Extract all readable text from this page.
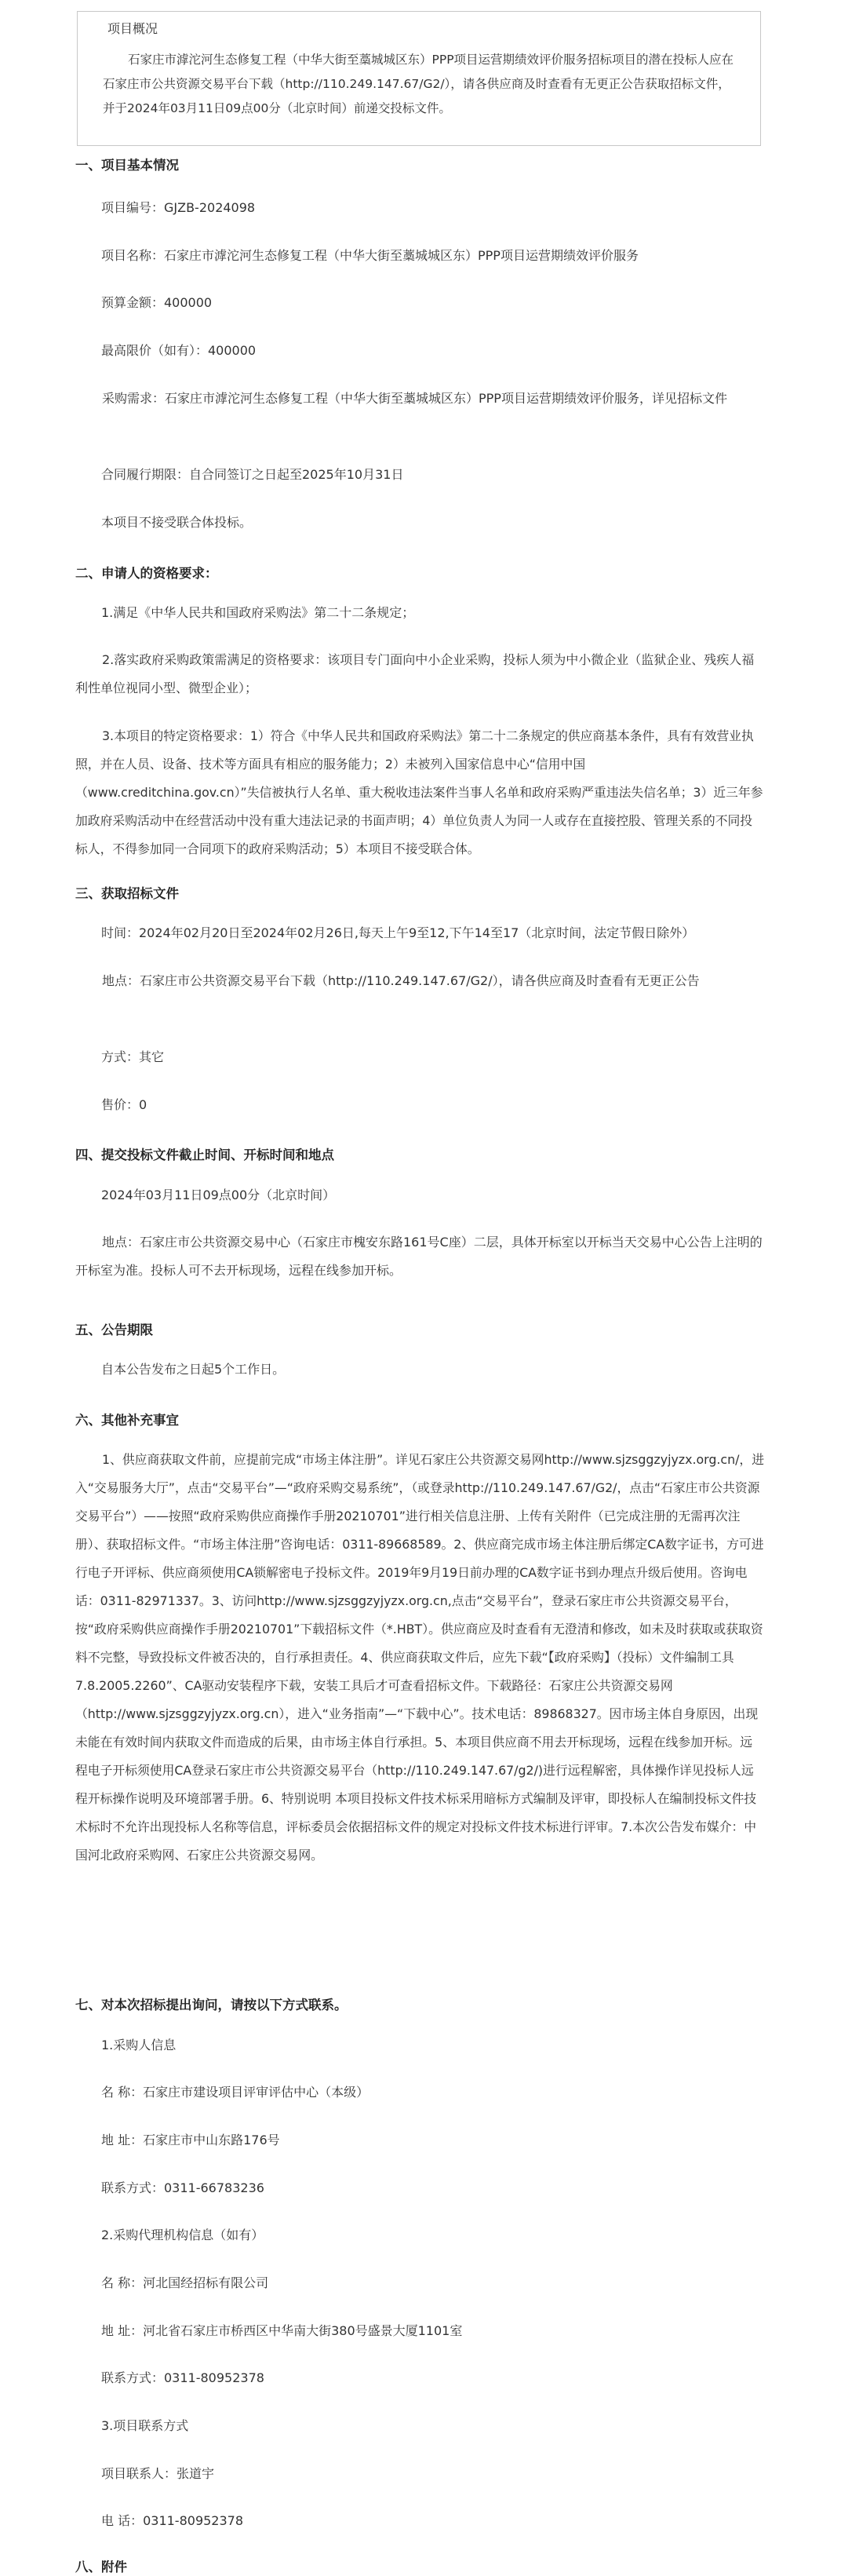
项目概况

石家庄市滹沱河生态修复工程（中华大街至藁城城区东）PPP项目运营期绩效评价服务招标项目的潜在投标人应在石家庄市公共资源交易平台下载（http://110.249.147.67/G2/），请各供应商及时查看有无更正公告获取招标文件，并于2024年03月11日09点00分（北京时间）前递交投标文件。

一、项目基本情况

项目编号：GJZB-2024098

项目名称：石家庄市滹沱河生态修复工程（中华大街至藁城城区东）PPP项目运营期绩效评价服务

预算金额：400000

最高限价（如有）：400000

采购需求：石家庄市滹沱河生态修复工程（中华大街至藁城城区东）PPP项目运营期绩效评价服务，详见招标文件

合同履行期限：自合同签订之日起至2025年10月31日

本项目不接受联合体投标。

二、申请人的资格要求：

1.满足《中华人民共和国政府采购法》第二十二条规定；

2.落实政府采购政策需满足的资格要求：该项目专门面向中小企业采购，投标人须为中小微企业（监狱企业、残疾人福利性单位视同小型、微型企业）；

3.本项目的特定资格要求：1）符合《中华人民共和国政府采购法》第二十二条规定的供应商基本条件，具有有效营业执照，并在人员、设备、技术等方面具有相应的服务能力；2）未被列入国家信息中心“信用中国（www.creditchina.gov.cn）”失信被执行人名单、重大税收违法案件当事人名单和政府采购严重违法失信名单；3）近三年参加政府采购活动中在经营活动中没有重大违法记录的书面声明；4）单位负责人为同一人或存在直接控股、管理关系的不同投标人，不得参加同一合同项下的政府采购活动；5）本项目不接受联合体。

三、获取招标文件

时间：2024年02月20日至2024年02月26日,每天上午9至12,下午14至17（北京时间，法定节假日除外）

地点：石家庄市公共资源交易平台下载（http://110.249.147.67/G2/），请各供应商及时查看有无更正公告

方式：其它

售价：0

四、提交投标文件截止时间、开标时间和地点

2024年03月11日09点00分（北京时间）

地点：石家庄市公共资源交易中心（石家庄市槐安东路161号C座）二层，具体开标室以开标当天交易中心公告上注明的开标室为准。投标人可不去开标现场，远程在线参加开标。

五、公告期限

自本公告发布之日起5个工作日。

六、其他补充事宜

1、供应商获取文件前，应提前完成“市场主体注册”。详见石家庄公共资源交易网http://www.sjzsggzyjyzx.org.cn/，进入“交易服务大厅”，点击“交易平台”—“政府采购交易系统”，（或登录http://110.249.147.67/G2/，点击“石家庄市公共资源交易平台”）——按照“政府采购供应商操作手册20210701”进行相关信息注册、上传有关附件（已完成注册的无需再次注册）、获取招标文件。“市场主体注册”咨询电话：0311-89668589。2、供应商完成市场主体注册后绑定CA数字证书，方可进行电子开评标、供应商须使用CA锁解密电子投标文件。2019年9月19日前办理的CA数字证书到办理点升级后使用。咨询电话：0311-82971337。3、访问http://www.sjzsggzyjyzx.org.cn,点击“交易平台”，登录石家庄市公共资源交易平台，按“政府采购供应商操作手册20210701”下载招标文件（*.HBT）。供应商应及时查看有无澄清和修改，如未及时获取或获取资料不完整，导致投标文件被否决的，自行承担责任。4、供应商获取文件后，应先下载“【政府采购】（投标）文件编制工具7.8.2005.2260”、CA驱动安装程序下载，安装工具后才可查看招标文件。下载路径：石家庄公共资源交易网（http://www.sjzsggzyjyzx.org.cn），进入“业务指南”—“下载中心”。技术电话：89868327。因市场主体自身原因，出现未能在有效时间内获取文件而造成的后果，由市场主体自行承担。5、本项目供应商不用去开标现场，远程在线参加开标。远程电子开标须使用CA登录石家庄市公共资源交易平台（http://110.249.147.67/g2/)进行远程解密，具体操作详见投标人远程开标操作说明及环境部署手册。6、特别说明 本项目投标文件技术标采用暗标方式编制及评审，即投标人在编制投标文件技术标时不允许出现投标人名称等信息，评标委员会依据招标文件的规定对投标文件技术标进行评审。7.本次公告发布媒介：中国河北政府采购网、石家庄公共资源交易网。

七、对本次招标提出询问，请按以下方式联系。

1.采购人信息

名 称：石家庄市建设项目评审评估中心（本级）

地 址：石家庄市中山东路176号

联系方式：0311-66783236

2.采购代理机构信息（如有）

名 称：河北国经招标有限公司

地 址：河北省石家庄市桥西区中华南大街380号盛景大厦1101室

联系方式：0311-80952378

3.项目联系方式

项目联系人：张道宇

电 话：0311-80952378

八、附件
